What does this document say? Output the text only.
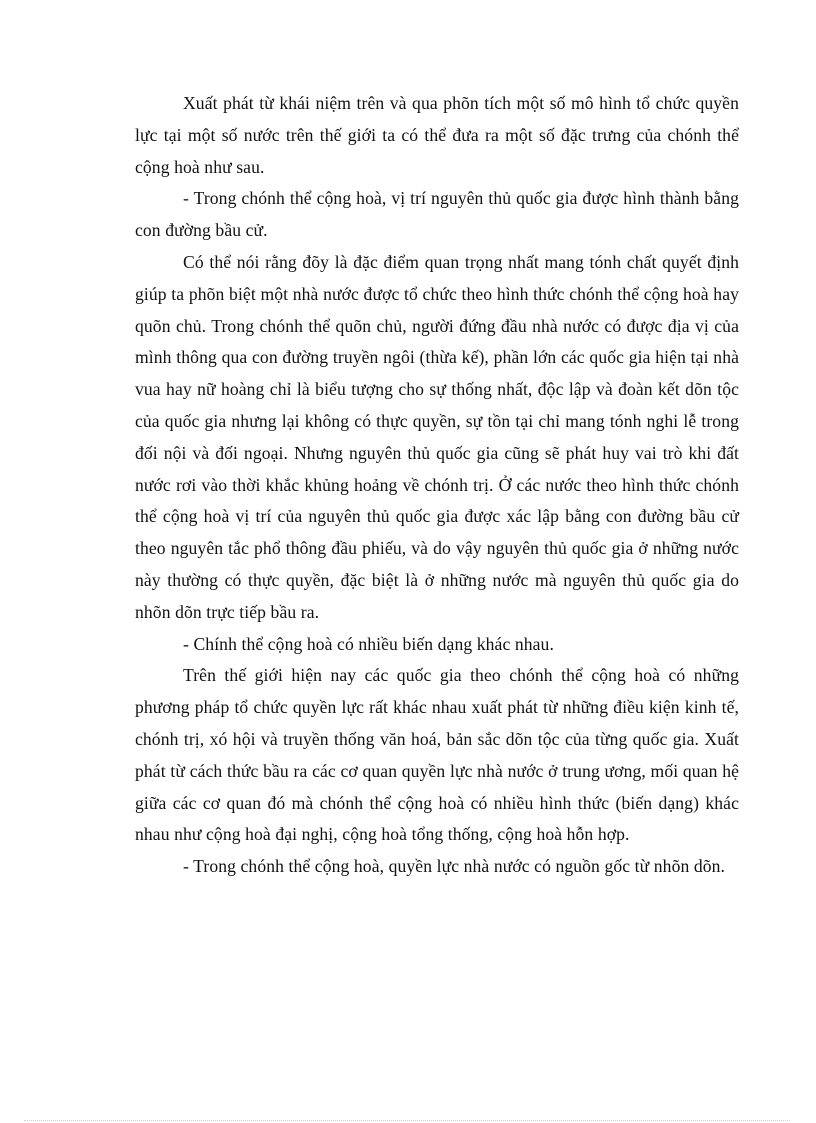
Xuất phát từ khái niệm trên và qua phõn tích một số mô hình tổ chức quyền lực tại một số nước trên thế giới ta có thể đưa ra một số đặc trưng của chónh thể cộng hoà như sau.

- Trong chónh thể cộng hoà, vị trí nguyên thủ quốc gia được hình thành bằng con đường bầu cử.

Có thể nói rằng đõy là đặc điểm quan trọng nhất mang tónh chất quyết định giúp ta phõn biệt một nhà nước được tổ chức theo hình thức chónh thể cộng hoà hay quõn chủ. Trong chónh thể quõn chủ, người đứng đầu nhà nước có được địa vị của mình thông qua con đường truyền ngôi (thừa kế), phần lớn các quốc gia hiện tại nhà vua hay nữ hoàng chỉ là biểu tượng cho sự thống nhất, độc lập và đoàn kết dõn tộc của quốc gia nhưng lại không có thực quyền, sự tồn tại chỉ mang tónh nghi lễ trong đối nội và đối ngoại. Nhưng nguyên thủ quốc gia cũng sẽ phát huy vai trò khi đất nước rơi vào thời khắc khủng hoảng về chónh trị. Ở các nước theo hình thức chónh thể cộng hoà vị trí của nguyên thủ quốc gia được xác lập bằng con đường bầu cử theo nguyên tắc phổ thông đầu phiếu, và do vậy nguyên thủ quốc gia ở những nước này thường có thực quyền, đặc biệt là ở những nước mà nguyên thủ quốc gia do nhõn dõn trực tiếp bầu ra.

- Chính thể cộng hoà có nhiều biến dạng khác nhau.

Trên thế giới hiện nay các quốc gia theo chónh thể cộng hoà có những phương pháp tổ chức quyền lực rất khác nhau xuất phát từ những điều kiện kinh tế, chónh trị, xó hội và truyền thống văn hoá, bản sắc dõn tộc của từng quốc gia. Xuất phát từ cách thức bầu ra các cơ quan quyền lực nhà nước ở trung ương, mối quan hệ giữa các cơ quan đó mà chónh thể cộng hoà có nhiều hình thức (biến dạng) khác nhau như cộng hoà đại nghị, cộng hoà tổng thống, cộng hoà hỗn hợp.

- Trong chónh thể cộng hoà, quyền lực nhà nước có nguồn gốc từ nhõn dõn.
